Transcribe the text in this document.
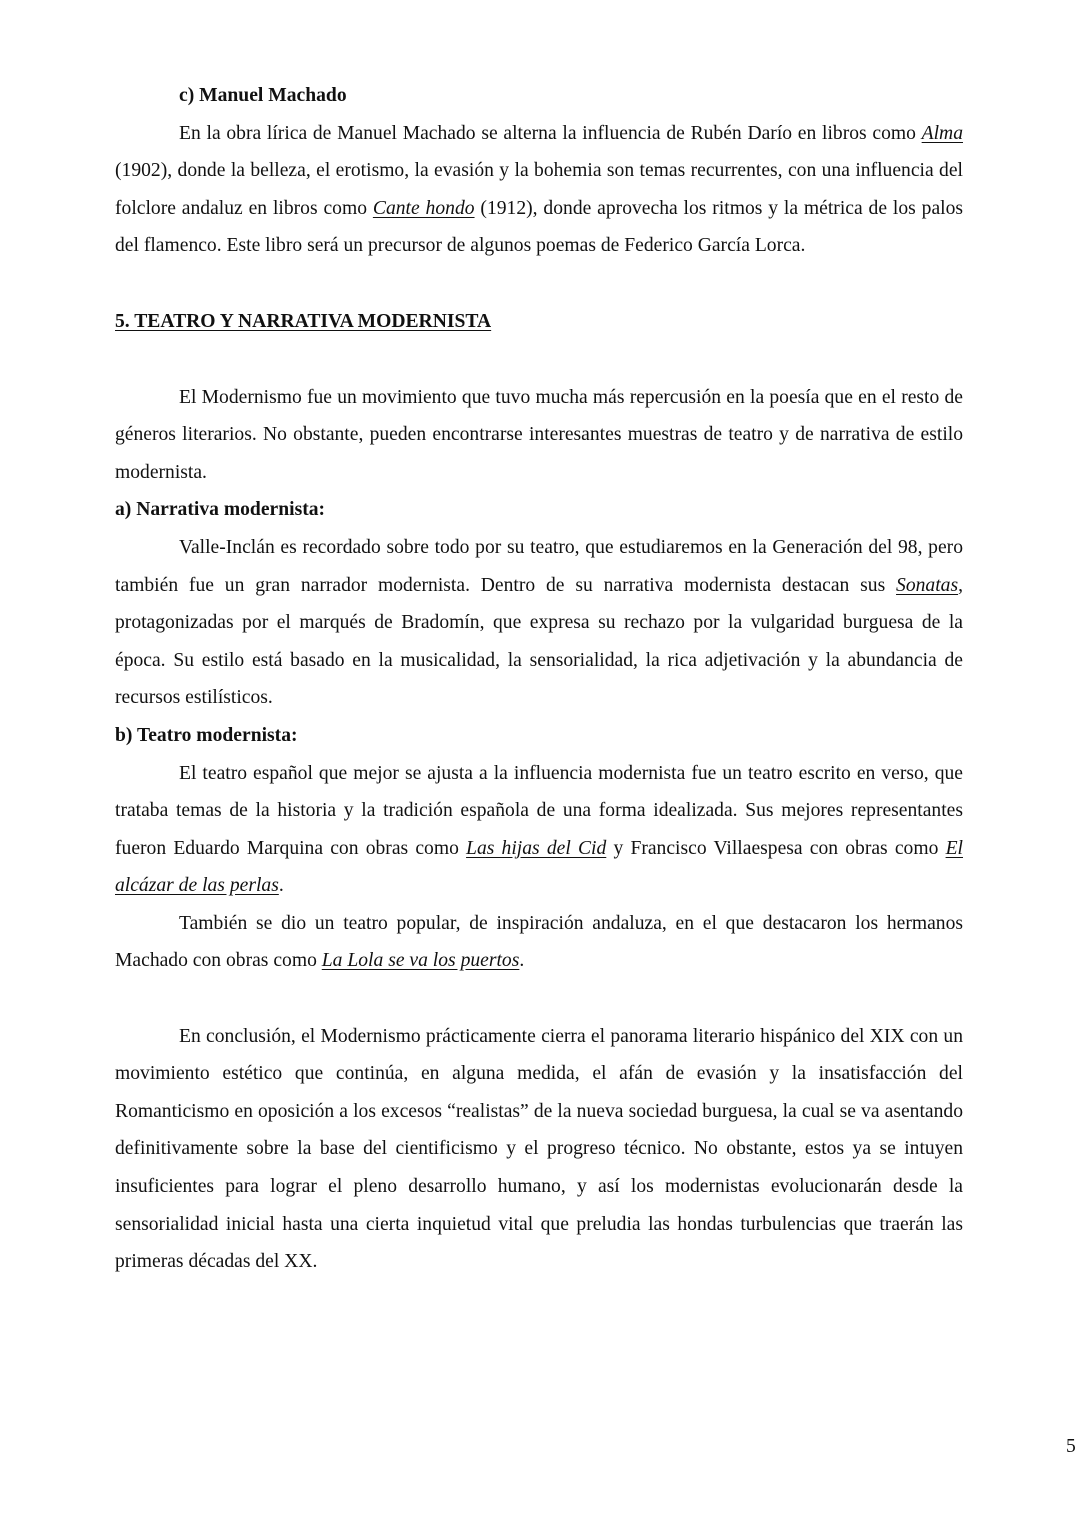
c) Manuel Machado

En la obra lírica de Manuel Machado se alterna la influencia de Rubén Darío en libros como Alma (1902), donde la belleza, el erotismo, la evasión y la bohemia son temas recurrentes, con una influencia del folclore andaluz en libros como Cante hondo (1912), donde aprovecha los ritmos y la métrica de los palos del flamenco. Este libro será un precursor de algunos poemas de Federico García Lorca.

5. TEATRO Y NARRATIVA MODERNISTA

El Modernismo fue un movimiento que tuvo mucha más repercusión en la poesía que en el resto de géneros literarios. No obstante, pueden encontrarse interesantes muestras de teatro y de narrativa de estilo modernista.

a) Narrativa modernista:

Valle-Inclán es recordado sobre todo por su teatro, que estudiaremos en la Generación del 98, pero también fue un gran narrador modernista. Dentro de su narrativa modernista destacan sus Sonatas, protagonizadas por el marqués de Bradomín, que expresa su rechazo por la vulgaridad burguesa de la época. Su estilo está basado en la musicalidad, la sensorialidad, la rica adjetivación y la abundancia de recursos estilísticos.

b) Teatro modernista:

El teatro español que mejor se ajusta a la influencia modernista fue un teatro escrito en verso, que trataba temas de la historia y la tradición española de una forma idealizada. Sus mejores representantes fueron Eduardo Marquina con obras como Las hijas del Cid y Francisco Villaespesa con obras como El alcázar de las perlas.

También se dio un teatro popular, de inspiración andaluza, en el que destacaron los hermanos Machado con obras como La Lola se va los puertos.

En conclusión, el Modernismo prácticamente cierra el panorama literario hispánico del XIX con un movimiento estético que continúa, en alguna medida, el afán de evasión y la insatisfacción del Romanticismo en oposición a los excesos “realistas” de la nueva sociedad burguesa, la cual se va asentando definitivamente sobre la base del cientificismo y el progreso técnico. No obstante, estos ya se intuyen insuficientes para lograr el pleno desarrollo humano, y así los modernistas evolucionarán desde la sensorialidad inicial hasta una cierta inquietud vital que preludia las hondas turbulencias que traerán las primeras décadas del XX.

5
